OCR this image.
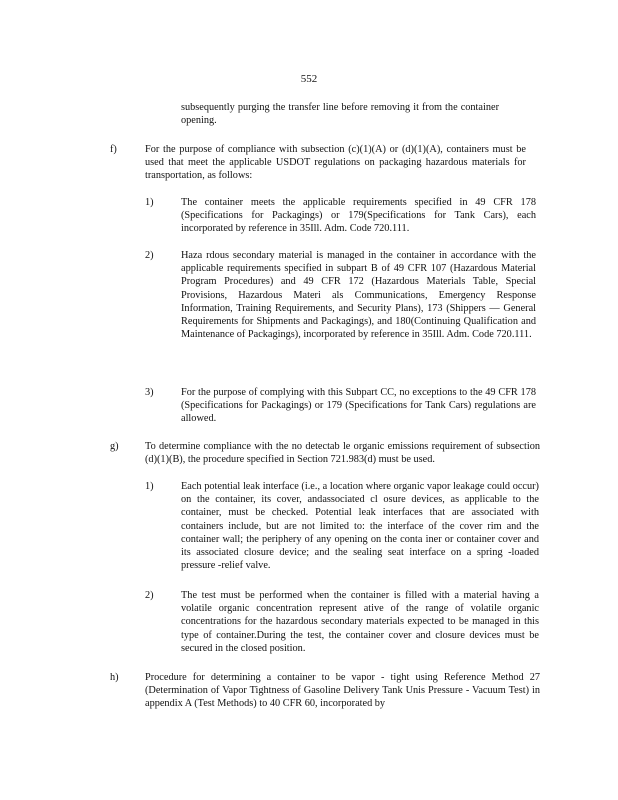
552
subsequently purging the transfer line before removing it from the container opening.
f)	For the purpose of compliance with subsection (c)(1)(A) or (d)(1)(A), containers must be used that meet the applicable USDOT regulations on packaging hazardous materials for transportation, as follows:
1)	The container meets the applicable requirements specified in 49 CFR 178 (Specifications for Packagings) or 179(Specifications for Tank Cars), each incorporated by reference in 35Ill. Adm. Code 720.111.
2)	Haza rdous secondary material is managed in the container in accordance with the applicable requirements specified in subpart B of 49 CFR 107 (Hazardous Material Program Procedures) and 49 CFR 172 (Hazardous Materials Table, Special Provisions, Hazardous Materi als Communications, Emergency Response Information, Training Requirements, and Security Plans), 173 (Shippers — General Requirements for Shipments and Packagings), and 180(Continuing Qualification and Maintenance of Packagings), incorporated by reference in 35Ill. Adm. Code 720.111.
3)	For the purpose of complying with this Subpart CC, no exceptions to the 49 CFR 178 (Specifications for Packagings) or 179 (Specifications for Tank Cars) regulations are allowed.
g)	To determine compliance with the no detectab le organic emissions requirement of subsection (d)(1)(B), the procedure specified in Section 721.983(d) must be used.
1)	Each potential leak interface (i.e., a location where organic vapor leakage could occur) on the container, its cover, andassociated cl osure devices, as applicable to the container, must be checked. Potential leak interfaces that are associated with containers include, but are not limited to: the interface of the cover rim and the container wall; the periphery of any opening on the conta iner or container cover and its associated closure device; and the sealing seat interface on a spring -loaded pressure -relief valve.
2)	The test must be performed when the container is filled with a material having a volatile organic concentration represent ative of the range of volatile organic concentrations for the hazardous secondary materials expected to be managed in this type of container.During the test, the container cover and closure devices must be secured in the closed position.
h)	Procedure for determining a container to be vapor - tight using Reference Method 27 (Determination of Vapor Tightness of Gasoline Delivery Tank Unis Pressure - Vacuum Test) in appendix A (Test Methods) to 40 CFR 60, incorporated by
